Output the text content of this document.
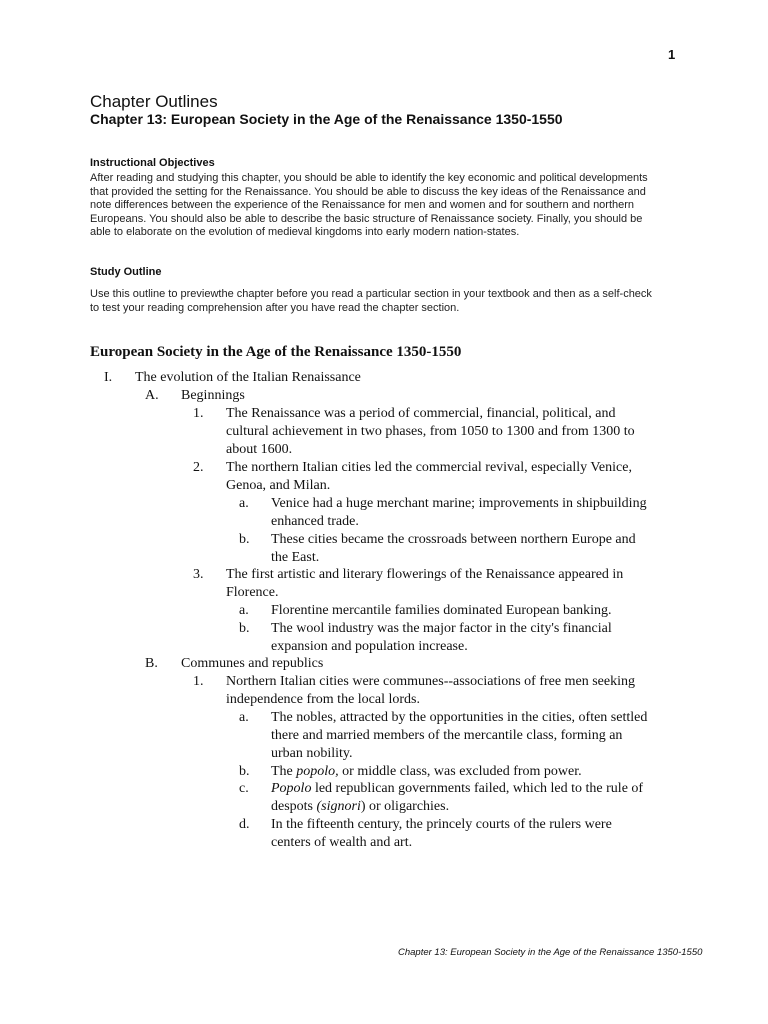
1
Chapter Outlines
Chapter 13: European Society in the Age of the Renaissance 1350-1550
Instructional Objectives
After reading and studying this chapter, you should be able to identify the key economic and political developments
that provided the setting for the Renaissance. You should be able to discuss the key ideas of the Renaissance and
note differences between the experience of the Renaissance for men and women and for southern and northern
Europeans. You should also be able to describe the basic structure of Renaissance society. Finally, you should be
able to elaborate on the evolution of medieval kingdoms into early modern nation-states.
Study Outline
Use this outline to previewthe chapter before you read a particular section in your textbook and then as a self-check
to test your reading comprehension after you have read the chapter section.
European Society in the Age of the Renaissance 1350-1550
I. The evolution of the Italian Renaissance
A. Beginnings
1. The Renaissance was a period of commercial, financial, political, and
cultural achievement in two phases, from 1050 to 1300 and from 1300 to
about 1600.
2. The northern Italian cities led the commercial revival, especially Venice,
Genoa, and Milan.
a. Venice had a huge merchant marine; improvements in shipbuilding
enhanced trade.
b. These cities became the crossroads between northern Europe and
the East.
3. The first artistic and literary flowerings of the Renaissance appeared in
Florence.
a. Florentine mercantile families dominated European banking.
b. The wool industry was the major factor in the city's financial
expansion and population increase.
B. Communes and republics
1. Northern Italian cities were communes--associations of free men seeking
independence from the local lords.
a. The nobles, attracted by the opportunities in the cities, often settled
there and married members of the mercantile class, forming an
urban nobility.
b. The popolo, or middle class, was excluded from power.
c. Popolo led republican governments failed, which led to the rule of
despots (signori) or oligarchies.
d. In the fifteenth century, the princely courts of the rulers were
centers of wealth and art.
Chapter 13: European Society in the Age of the Renaissance 1350-1550
